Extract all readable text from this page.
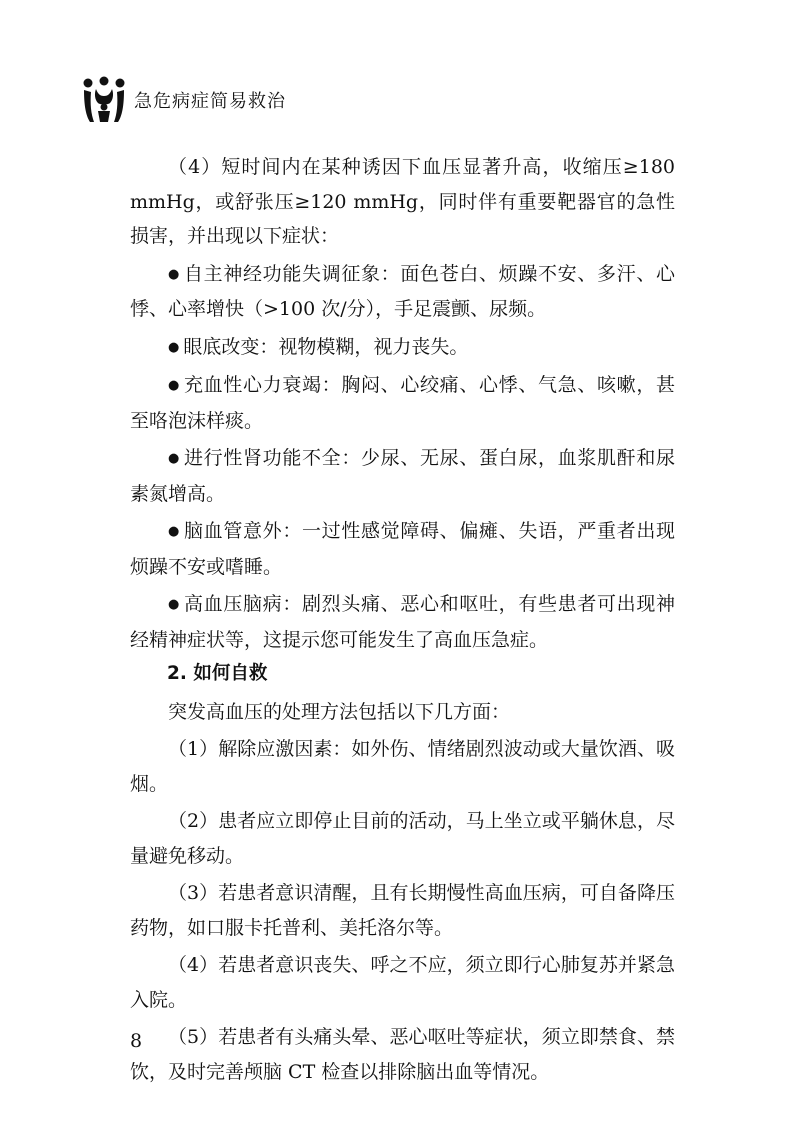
急危病症简易救治

（4）短时间内在某种诱因下血压显著升高，收缩压≥180 mmHg，或舒张压≥120 mmHg，同时伴有重要靶器官的急性损害，并出现以下症状：

● 自主神经功能失调征象：面色苍白、烦躁不安、多汗、心悸、心率增快（>100 次/分），手足震颤、尿频。

● 眼底改变：视物模糊，视力丧失。

● 充血性心力衰竭：胸闷、心绞痛、心悸、气急、咳嗽，甚至咯泡沫样痰。

● 进行性肾功能不全：少尿、无尿、蛋白尿，血浆肌酐和尿素氮增高。

● 脑血管意外：一过性感觉障碍、偏瘫、失语，严重者出现烦躁不安或嗜睡。

● 高血压脑病：剧烈头痛、恶心和呕吐，有些患者可出现神经精神症状等，这提示您可能发生了高血压急症。

2. 如何自救

突发高血压的处理方法包括以下几方面：

（1）解除应激因素：如外伤、情绪剧烈波动或大量饮酒、吸烟。

（2）患者应立即停止目前的活动，马上坐立或平躺休息，尽量避免移动。

（3）若患者意识清醒，且有长期慢性高血压病，可自备降压药物，如口服卡托普利、美托洛尔等。

（4）若患者意识丧失、呼之不应，须立即行心肺复苏并紧急入院。

（5）若患者有头痛头晕、恶心呕吐等症状，须立即禁食、禁饮，及时完善颅脑 CT 检查以排除脑出血等情况。

8
